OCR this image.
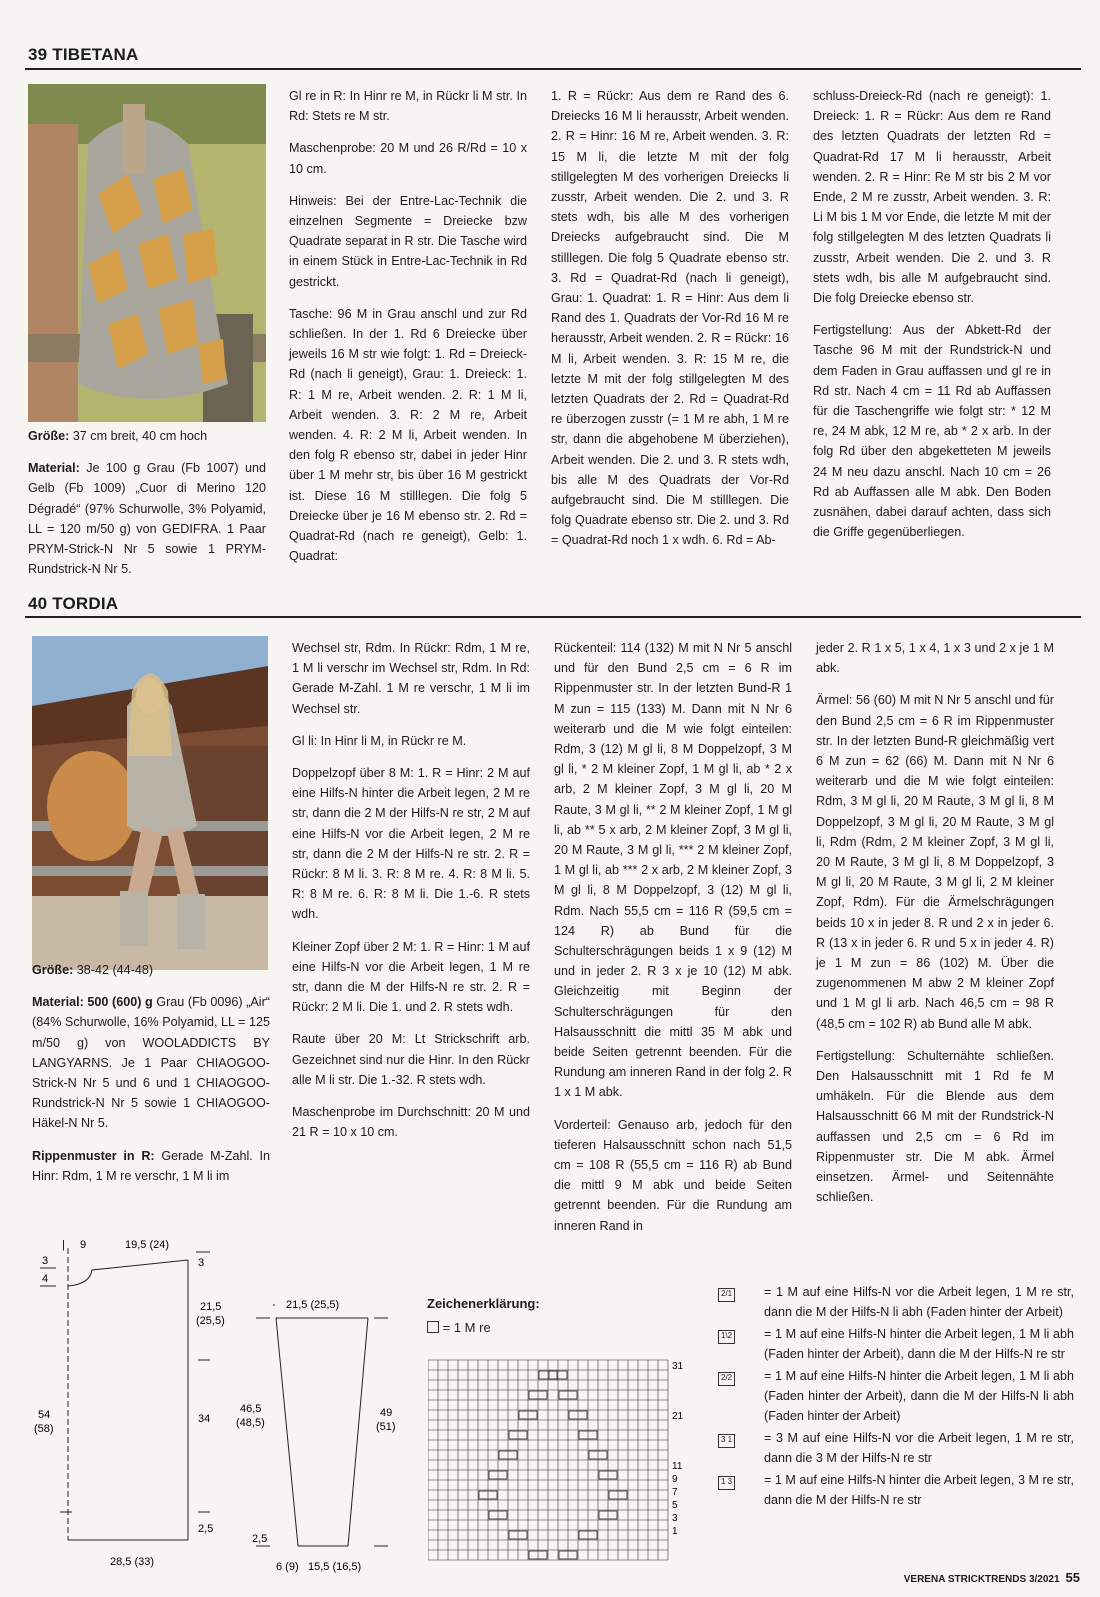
39 TIBETANA

Größe: 37 cm breit, 40 cm hoch

Material: Je 100 g Grau (Fb 1007) und Gelb (Fb 1009) „Cuor di Merino 120 Dégradé“ (97% Schurwolle, 3% Polyamid, LL = 120 m/50 g) von GEDIFRA. 1 Paar PRYM-Strick-N Nr 5 sowie 1 PRYM-Rundstrick-N Nr 5.

Gl re in R: In Hinr re M, in Rückr li M str. In Rd: Stets re M str.

Maschenprobe: 20 M und 26 R/Rd = 10 x 10 cm.

Hinweis: Bei der Entre-Lac-Technik die einzelnen Segmente = Dreiecke bzw Quadrate separat in R str. Die Tasche wird in einem Stück in Entre-Lac-Technik in Rd gestrickt.

Tasche: 96 M in Grau anschl und zur Rd schließen. In der 1. Rd 6 Dreiecke über jeweils 16 M str wie folgt: 1. Rd = Dreieck-Rd (nach li geneigt), Grau: 1. Dreieck: 1. R: 1 M re, Arbeit wenden. 2. R: 1 M li, Arbeit wenden. 3. R: 2 M re, Arbeit wenden. 4. R: 2 M li, Arbeit wenden. In den folg R ebenso str, dabei in jeder Hinr über 1 M mehr str, bis über 16 M gestrickt ist. Diese 16 M stilllegen. Die folg 5 Dreiecke über je 16 M ebenso str. 2. Rd = Quadrat-Rd (nach re geneigt), Gelb: 1. Quadrat:

1. R = Rückr: Aus dem re Rand des 6. Dreiecks 16 M li herausstr, Arbeit wenden. 2. R = Hinr: 16 M re, Arbeit wenden. 3. R: 15 M li, die letzte M mit der folg stillgelegten M des vorherigen Dreiecks li zusstr, Arbeit wenden. Die 2. und 3. R stets wdh, bis alle M des vorherigen Dreiecks aufgebraucht sind. Die M stilllegen. Die folg 5 Quadrate ebenso str. 3. Rd = Quadrat-Rd (nach li geneigt), Grau: 1. Quadrat: 1. R = Hinr: Aus dem li Rand des 1. Quadrats der Vor-Rd 16 M re herausstr, Arbeit wenden. 2. R = Rückr: 16 M li, Arbeit wenden. 3. R: 15 M re, die letzte M mit der folg stillgelegten M des letzten Quadrats der 2. Rd = Quadrat-Rd re überzogen zusstr (= 1 M re abh, 1 M re str, dann die abgehobene M überziehen), Arbeit wenden. Die 2. und 3. R stets wdh, bis alle M des Quadrats der Vor-Rd aufgebraucht sind. Die M stilllegen. Die folg Quadrate ebenso str. Die 2. und 3. Rd = Quadrat-Rd noch 1 x wdh. 6. Rd = Ab-

schluss-Dreieck-Rd (nach re geneigt): 1. Dreieck: 1. R = Rückr: Aus dem re Rand des letzten Quadrats der letzten Rd = Quadrat-Rd 17 M li herausstr, Arbeit wenden. 2. R = Hinr: Re M str bis 2 M vor Ende, 2 M re zusstr, Arbeit wenden. 3. R: Li M bis 1 M vor Ende, die letzte M mit der folg stillgelegten M des letzten Quadrats li zusstr, Arbeit wenden. Die 2. und 3. R stets wdh, bis alle M aufgebraucht sind. Die folg Dreiecke ebenso str.

Fertigstellung: Aus der Abkett-Rd der Tasche 96 M mit der Rundstrick-N und dem Faden in Grau auffassen und gl re in Rd str. Nach 4 cm = 11 Rd ab Auffassen für die Taschengriffe wie folgt str: * 12 M re, 24 M abk, 12 M re, ab * 2 x arb. In der folg Rd über den abgeketteten M jeweils 24 M neu dazu anschl. Nach 10 cm = 26 Rd ab Auffassen alle M abk. Den Boden zusnähen, dabei darauf achten, dass sich die Griffe gegenüberliegen.

40 TORDIA

Größe: 38-42 (44-48)

Material: 500 (600) g Grau (Fb 0096) „Air“ (84% Schurwolle, 16% Polyamid, LL = 125 m/50 g) von WOOLADDICTS BY LANGYARNS. Je 1 Paar CHIAOGOO-Strick-N Nr 5 und 6 und 1 CHIAOGOO-Rundstrick-N Nr 5 sowie 1 CHIAOGOO-Häkel-N Nr 5.

Rippenmuster in R: Gerade M-Zahl. In Hinr: Rdm, 1 M re verschr, 1 M li im

Wechsel str, Rdm. In Rückr: Rdm, 1 M re, 1 M li verschr im Wechsel str, Rdm. In Rd: Gerade M-Zahl. 1 M re verschr, 1 M li im Wechsel str.

Gl li: In Hinr li M, in Rückr re M.

Doppelzopf über 8 M: 1. R = Hinr: 2 M auf eine Hilfs-N hinter die Arbeit legen, 2 M re str, dann die 2 M der Hilfs-N re str, 2 M auf eine Hilfs-N vor die Arbeit legen, 2 M re str, dann die 2 M der Hilfs-N re str. 2. R = Rückr: 8 M li. 3. R: 8 M re. 4. R: 8 M li. 5. R: 8 M re. 6. R: 8 M li. Die 1.-6. R stets wdh.

Kleiner Zopf über 2 M: 1. R = Hinr: 1 M auf eine Hilfs-N vor die Arbeit legen, 1 M re str, dann die M der Hilfs-N re str. 2. R = Rückr: 2 M li. Die 1. und 2. R stets wdh.

Raute über 20 M: Lt Strickschrift arb. Gezeichnet sind nur die Hinr. In den Rückr alle M li str. Die 1.-32. R stets wdh.

Maschenprobe im Durchschnitt: 20 M und 21 R = 10 x 10 cm.

Rückenteil: 114 (132) M mit N Nr 5 anschl und für den Bund 2,5 cm = 6 R im Rippenmuster str. In der letzten Bund-R 1 M zun = 115 (133) M. Dann mit N Nr 6 weiterarb und die M wie folgt einteilen: Rdm, 3 (12) M gl li, 8 M Doppelzopf, 3 M gl li, * 2 M kleiner Zopf, 1 M gl li, ab * 2 x arb, 2 M kleiner Zopf, 3 M gl li, 20 M Raute, 3 M gl li, ** 2 M kleiner Zopf, 1 M gl li, ab ** 5 x arb, 2 M kleiner Zopf, 3 M gl li, 20 M Raute, 3 M gl li, *** 2 M kleiner Zopf, 1 M gl li, ab *** 2 x arb, 2 M kleiner Zopf, 3 M gl li, 8 M Doppelzopf, 3 (12) M gl li, Rdm. Nach 55,5 cm = 116 R (59,5 cm = 124 R) ab Bund für die Schulterschrägungen beids 1 x 9 (12) M und in jeder 2. R 3 x je 10 (12) M abk. Gleichzeitig mit Beginn der Schulterschrägungen für den Halsausschnitt die mittl 35 M abk und beide Seiten getrennt beenden. Für die Rundung am inneren Rand in der folg 2. R 1 x 1 M abk.

Vorderteil: Genauso arb, jedoch für den tieferen Halsausschnitt schon nach 51,5 cm = 108 R (55,5 cm = 116 R) ab Bund die mittl 9 M abk und beide Seiten getrennt beenden. Für die Rundung am inneren Rand in

jeder 2. R 1 x 5, 1 x 4, 1 x 3 und 2 x je 1 M abk.

Ärmel: 56 (60) M mit N Nr 5 anschl und für den Bund 2,5 cm = 6 R im Rippenmuster str. In der letzten Bund-R gleichmäßig vert 6 M zun = 62 (66) M. Dann mit N Nr 6 weiterarb und die M wie folgt einteilen: Rdm, 3 M gl li, 20 M Raute, 3 M gl li, 8 M Doppelzopf, 3 M gl li, 20 M Raute, 3 M gl li, Rdm (Rdm, 2 M kleiner Zopf, 3 M gl li, 20 M Raute, 3 M gl li, 8 M Doppelzopf, 3 M gl li, 20 M Raute, 3 M gl li, 2 M kleiner Zopf, Rdm). Für die Ärmelschrägungen beids 10 x in jeder 8. R und 2 x in jeder 6. R (13 x in jeder 6. R und 5 x in jeder 4. R) je 1 M zun = 86 (102) M. Über die zugenommenen M abw 2 M kleiner Zopf und 1 M gl li arb. Nach 46,5 cm = 98 R (48,5 cm = 102 R) ab Bund alle M abk.

Fertigstellung: Schulternähte schließen. Den Halsausschnitt mit 1 Rd fe M umhäkeln. Für die Blende aus dem Halsausschnitt 66 M mit der Rundstrick-N auffassen und 2,5 cm = 6 Rd im Rippenmuster str. Die M abk. Ärmel einsetzen. Ärmel- und Seitennähte schließen.

| 9	19,5 (24)
3
4
3
21,5
(25,5)
54
(58)
34
2,5
28,5 (33)
21,5 (25,5)
46,5
(48,5)
49
(51)
2,5
6 (9) 15,5 (16,5)
Zeichenerklärung:
= 1 M re
31
21
11
9
7
5
3
1
2/1	= 1 M auf eine Hilfs-N vor die Arbeit legen, 1 M re str, dann die M der Hilfs-N li abh (Faden hinter der Arbeit)
1\2	= 1 M auf eine Hilfs-N hinter die Arbeit legen, 1 M li abh (Faden hinter der Arbeit), dann die M der Hilfs-N re str
2/2	= 1 M auf eine Hilfs-N hinter die Arbeit legen, 1 M li abh (Faden hinter der Arbeit), dann die M der Hilfs-N li abh (Faden hinter der Arbeit)
3 1	= 3 M auf eine Hilfs-N vor die Arbeit legen, 1 M re str, dann die 3 M der Hilfs-N re str
1 3	= 1 M auf eine Hilfs-N hinter die Arbeit legen, 3 M re str, dann die M der Hilfs-N re str
VERENA STRICKTRENDS 3/2021 55
